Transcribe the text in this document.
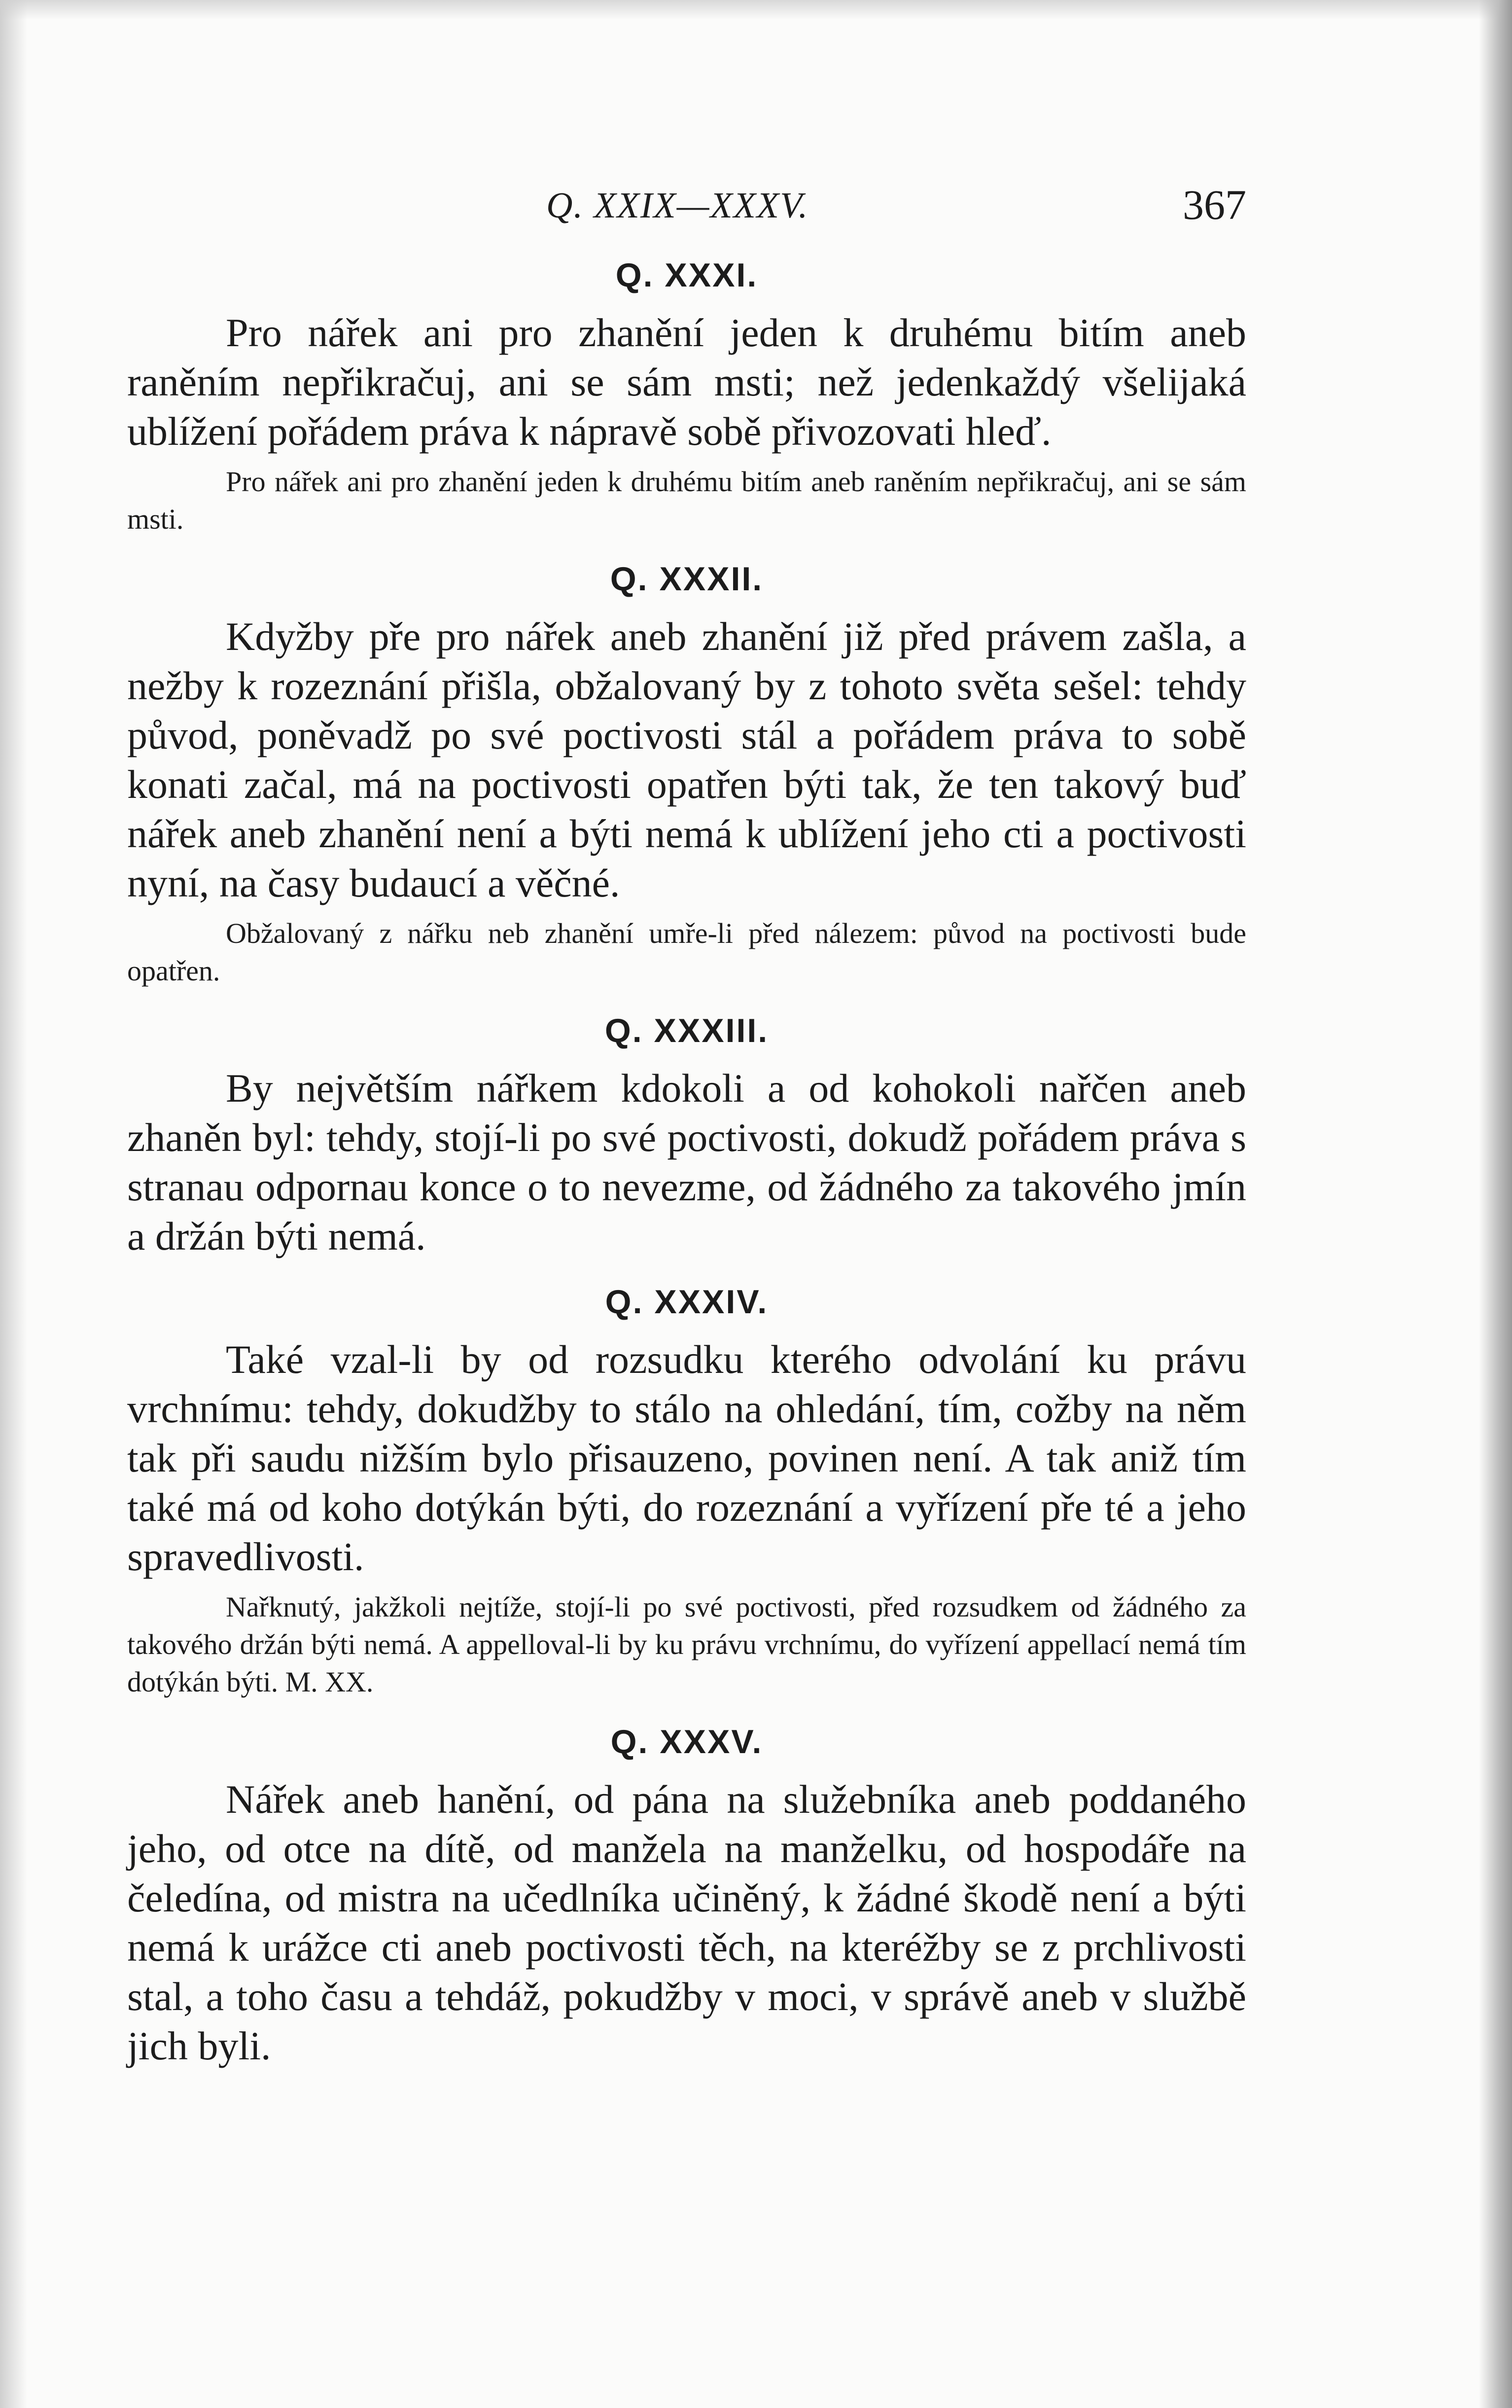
Q. XXIX—XXXV.	367
Q. XXXI.

Pro nářek ani pro zhanění jeden k druhému bitím aneb raněním nepřikračuj, ani se sám msti; než jedenkaždý všelijaká ublížení pořádem práva k nápravě sobě přivozovati hleď.

Pro nářek ani pro zhanění jeden k druhému bitím aneb raněním nepřikračuj, ani se sám msti.

Q. XXXII.

Kdyžby pře pro nářek aneb zhanění již před právem zašla, a nežby k rozeznání přišla, obžalovaný by z tohoto světa sešel: tehdy původ, poněvadž po své poctivosti stál a pořádem práva to sobě konati začal, má na poctivosti opatřen býti tak, že ten takový buď nářek aneb zhanění není a býti nemá k ublížení jeho cti a poctivosti nyní, na časy budaucí a věčné.

Obžalovaný z nářku neb zhanění umře-li před nálezem: původ na poctivosti bude opatřen.

Q. XXXIII.

By největším nářkem kdokoli a od kohokoli nařčen aneb zhaněn byl: tehdy, stojí-li po své poctivosti, dokudž pořádem práva s stranau odpornau konce o to nevezme, od žádného za takového jmín a držán býti nemá.

Q. XXXIV.

Také vzal-li by od rozsudku kterého odvolání ku právu vrchnímu: tehdy, dokudžby to stálo na ohledání, tím, cožby na něm tak při saudu nižším bylo přisauzeno, povinen není. A tak aniž tím také má od koho dotýkán býti, do rozeznání a vyřízení pře té a jeho spravedlivosti.

Nařknutý, jakžkoli nejtíže, stojí-li po své poctivosti, před rozsudkem od žádného za takového držán býti nemá. A appelloval-li by ku právu vrchnímu, do vyřízení appellací nemá tím dotýkán býti. M. XX.

Q. XXXV.

Nářek aneb hanění, od pána na služebníka aneb poddaného jeho, od otce na dítě, od manžela na manželku, od hospodáře na čeledína, od mistra na učedlníka učiněný, k žádné škodě není a býti nemá k urážce cti aneb poctivosti těch, na kteréžby se z prchlivosti stal, a toho času a tehdáž, pokudžby v moci, v správě aneb v službě jich byli.
